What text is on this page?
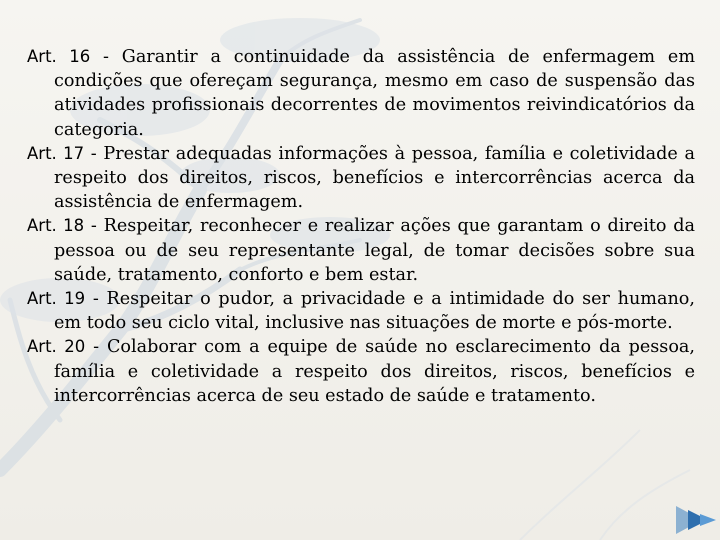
Art. 16 - Garantir a continuidade da assistência de enfermagem em condições que ofereçam segurança, mesmo em caso de suspensão das atividades profissionais decorrentes de movimentos reivindicatórios da categoria.

Art. 17 - Prestar adequadas informações à pessoa, família e coletividade a respeito dos direitos, riscos, benefícios e intercorrências acerca da assistência de enfermagem.

Art. 18 - Respeitar, reconhecer e realizar ações que garantam o direito da pessoa ou de seu representante legal, de tomar decisões sobre sua saúde, tratamento, conforto e bem estar.

Art. 19 - Respeitar o pudor, a privacidade e a intimidade do ser humano, em todo seu ciclo vital, inclusive nas situações de morte e pós-morte.

Art. 20 - Colaborar com a equipe de saúde no esclarecimento da pessoa, família e coletividade a respeito dos direitos, riscos, benefícios e intercorrências acerca de seu estado de saúde e tratamento.
